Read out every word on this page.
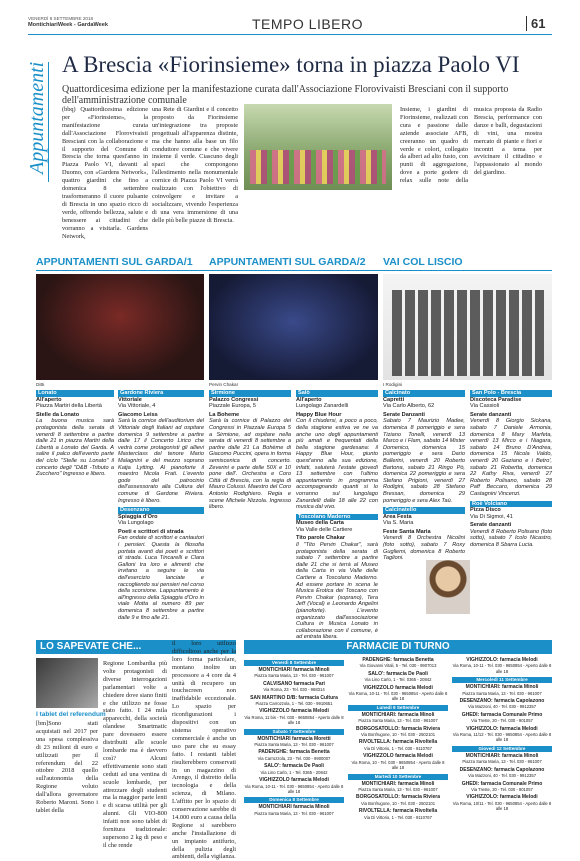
VENERDÌ 8 SETTEMBRE 2018
MontichiariWeek - GardaWeek	TEMPO LIBERO	61
Appuntamenti A Brescia «Fiorinsieme» torna in piazza Paolo VI
Quattordicesima edizione per la manifestazione curata dall'Associazione Florovivaisti Bresciani con il supporto dell'amministrazione comunale
(bbq) Quattordicesima edizione per «Fiorinsieme», la manifestazione curata dall'Associazione Florovivaisti Bresciani con la collaborazione e il supporto del Comune di Brescia che torna quest'anno in Piazza Paolo VI, davanti al Duomo, con «Gardens Network», quattro giardini che fino a domenica 8 settembre trasformeranno il cuore pulsante di Brescia in uno spazio ricco di verde, offrendo bellezza, salute e benessere ai cittadini che vorranno a visitarla. Gardens Network,
una Rete di Giardini e il concetto proposto da Fiorinsieme un'integrazione tra proposte progettuali all'apparenza distinte, ma che hanno alla base un filo conduttore comune e che vivere insieme il verde. Ciascuno degli spazi che compongono l'allestimento nella monumentale cornice di Piazza Paolo VI verrà realizzato con l'obiettivo di coinvolgere e invitare a socializzare, vivendo l'esperienza di una vera immersione di una delle più belle piazze di Brescia.
Insieme, i giardini di Fiorinsieme, realizzati con cura e passione dalle aziende associate AFB, creeranno un quadro di verde e colori, collegato da alberi ad alto fusto, con punti di aggregazione, dove a porte godere di relax sulle note della musica proposta da Radio Brescia, performance con danze e balli, degustazioni di vini, una mostra mercato di piante e fiori e incontri a tema per avvicinare il cittadino e l'appassionato al mondo del giardino.
APPUNTAMENTI SUL GARDA/1 APPUNTAMENTI SUL GARDA/2 VAI COL LISCIO
DiBi	Pervin Chakar	I Rodigini
Lonato
All'aperto
Piazza Martiri della Libertà
Stelle da Lonato
La buona musica sarà protagonista della serata di venerdì 8 settembre a partire dalle 21 in piazza Martiri della Libertà a Lonato del Garda. A salire il palco dell'evento parte del ciclo "Stelle su Lonato" il concerto degli "D&B -Tributo a Zucchero" Ingresso e libero.
Gardone Riviera
Vittoriale
Via Vittoriale, 4
Giacomo Leiss
Sarà la cornice dell'auditorium del Vittoriale degli Italiani ad ospitare domenica 9 settembre a partire dalle 17 il Concerto Lirico che vedrà come protagonisti gli allievi Masterclass del tenore Mario Malagnini e del mezzo soprano Katja Lytting. Al pianoforte il maestro Nicola Frati. L'evento gode del patrocinio dell'assessorato alla Cultura del comune di Gardone Riviera. Ingresso è libero.
Desenzano
Spiaggia d'Oro
Via Lungolago
Poeti e scrittori di strada
Fan ondate di scrittori e cantautori i pensieri. Questa la filosofia portata avanti dai poeti e scrittori di strada. Luca Tincarelli e Clara Galloni tra loro e alimenti che invitano a seguire le via dell'esercizio lanciate e raccogliendo sui pensieri nel corso della scorsione. Lappuntamento è all'ingresso della Spiaggia d'Oro in viale Motta al numero 89 per domenica 8 settembre a partire dalle 9 e fino alle 21.
Sirmione
Palazzo Congressi
Piazzale Europa, 5
La Boheme
Sarà la cornice di Palazzo dei Congressi in Piazzale Europa 5 a Sirmione, ad ospitare nella serata di venerdì 8 settembre a partire dalle 21 La Bohème di Giacomo Puccini, opera in forma semiscenica di concerto. Zeverini e parte delle 50X e 10 pone dell'. Orchestra e Coro Città di Brescia, con la regia di Mauro Colussi. Maestro del Coro Antonio Rodighiero. Regia e scene Michele Nizzola. Ingresso libero.
Salò
All'aperto
Lungolago Zanardelli
Happy Blue Hour
Con il chiudersi, a poco a poco, della stagione estiva ve ne va anche uno degli appuntamenti più amati e frequentati della bella stagione gardesana: il Happy Blue Hour, giunto quest'anno alla sua edizione, infatti, saluterà l'estate giovedì 13 settembre con l'ultimo appuntamento in programma accompagnando quanti si lo vorranno sul lungolago Zanardelli dalle 18 alle 22 con musica dal vivo.
Toscolano Maderno
Museo della Carta
Via Valle delle Cartiere
Tito parole Chakar
Il "Tito Pervin Chakar", sarà protagonista della serata di sabato 7 settembre a partire dalle 21 che si terrà al Museo della Carta in via Valle delle Cartiere a Toscolano Maderno. Ad essere portare in scena le Musica Erotica dei Toscano con Pervin Chakar (soprano), Tera Jeff (Vocal) e Leonardo Angelini (pianoforte). L'evento organizzato dall'associazione Cultura in Musica Lonato in collaborazione con il comune, è ad entrata libera.
Calcinato
Capretti
Via Carlo Alberto, 62
Serate Danzanti
Sabato 7 Maurizio Madee, domenica 8 pomeriggio e sera Tiziano Tonelli, venerdì 13 Marco e i Flam, sabato 14 Mister Domenico, domenica 15 pomeriggio e sera Dario Ballerini, venerdì 20 Roberto Bartona, sabato 21 Ringo Pò, domenica 22 pomeriggio e sera Stefano Prigioni, venerdì 27 Rodigini, sabato 28 Stefano Bressan, domenica 29 pomeriggio e sera Alex Taù.
Calcinatello
Area Festa
Via S. Maria
Feste Santa Maria
Venerdì 8 Orchestra Nicolini (foto sotto), sabato 7 Roxy Gugliemi, domenica 8 Roberto Taglioni.
San Polo - Brescia
Discoteca Paradise
Via Cassioli
Serate danzanti
Venerdì 8 Giorgio Sickana, sabato 7 Daniele Armonia, domenica 8 Mary Marfeta, venerdì 13 Mirco e i Niagara, sabato 14 Bruno D'Andrea, domenica 15 Nicola Valdo, venerdì 20 Gaziano e i Betro', sabato 21 Robertta, domenica 22 Kathy Riva, venerdì 27 Roberto Polisano, sabato 28 Paff Beccaro, domenica 29 Castagnini Vincenzi.
Roè Volciano
Pizza Disco
Via Di Sigmoi, 41
Serate danzanti
Venerdì 8 Roberto Polisano (foto sotto), sabato 7 Icolo Nicastro, domenica 8 Sbarra Lucia.
LO SAPEVATE CHE...
I tablet del referendum
[bm]Sono stati acquistati nel 2017 per una spesa complessiva di 23 milioni di euro e utilizzati per il referendum del 22 ottobre 2018 quello sull'autonomia della Regione voluto dall'allora governatore Roberto Maroni. Sono i tablet della
Regione Lombardia più volte protagonisti di diverse interrogazioni parlamentari volte a chiedere dove siano finiti e che utilizzo ne fosse stato fatto. I 24 mila apparecchi, della società olandese Smartmatic pare dovessero essere distribuiti alle scuole lombarde ma è davvero così? Alcuni effettivamente sono stati ceduti ad una ventina di scuole lombarde, per attrezzare degli studenti ma la maggior parte lenti e di scarsa utilità per gli alunni. Gli VIO-800 infatti non sono tablet di fornitura tradizionale: supersono 2 kg di peso e il che rende
il loro utilizzo difficoltoso anche per la loro forma particolare, montano inoltre un processore a 4 core da 4 unità di recupero un touchscreen non inaffidabile eccezionale. Lo spazio per riconfigurazioni i dispositivi con un sistema operativo commerciale è anche un uso pare che su essay fatto. I restanti tablet risulterebbero conservati in un magazzino di Arengo, il distretto della tecnologia e della scienza, di Milano. L'affitto per lo spazio di conservazione sarebbe di 14.000 euro a causa della Regione si sarebbero anche l'installazione di un impianto antifurto, della pulizia degli ambienti, della vigilanza.
FARMACIE DI TURNO
Venerdì 8 Settembre
MONTICHIARI farmacia Minoli
Piazza Santa Maria, 13 - Tel. 030 - 961007
CALVISANO farmacia Pari
Via Roma, 23 - Tel. 030 - 968314
SAN MARTINO D/B: farmacia Cultura
Piazza Carrozzola, 1 - Tel. 030 - 9910651
VIGHIZZOLO farmacia Melodi
Via Roma, 11 bis - Tel. 030 - 9650854 - Aperto dalle 8 alle 18
Sabato 7 Settembre
MONTICHIARI farmacia Moretti
Piazza Santa Maria, 13 - Tel. 030 - 961007
PADENGHE: farmacia Benetta
Via Carrozzola, 23 - Tel. 030 - 9900007
SALO': farmacia De Paoli
Via Lino Carlo, 1 - Tel. 0365 - 20842
VIGHIZZOLO farmacia Melodi
Via Roma, 10-11 - Tel. 030 - 9650854 - Aperto dalle 8 alle 18
Domenica 8 Settembre
MONTICHIARI farmacia Minoli
Piazza Santa Maria, 13 - Tel. 030 - 961007
PADENGHE: farmacia Benetta
Via Giovanni Vitali, 5 - Tel. 030 - 9907013
SALO': farmacia De Paoli
Via Lino Carlo, 1 - Tel. 0365 - 20842
VIGHIZZOLO farmacia Melodi
Via Roma, 10-11 - Tel. 030 - 9650854 - Aperto dalle 8 alle 18
Lunedì 9 Settembre
MONTICHIARI: farmacia Minoli
Piazza Santa Maria, 13 - Tel. 030 - 961007
BORGOSATOLLO: farmacia Riviera
Via Bonfrugone, 10 - Tel. 030 - 2502101
RIVOLTELLA: farmacia Rivoltella
Via Di Vittorio, 1 - Tel. 030 - 9110767
VIGHIZZOLO farmacia Melodi
Via Roma, 10 - Tel. 030 - 9650854 - Aperto dalle 8 alle 18
Martedì 10 Settembre
MONTICHIARI: farmacia Minoli
Piazza Santa Maria, 13 - Tel. 030 - 961007
BORGOSATOLLO: farmacia Riviera
Via Bonfrugone, 10 - Tel. 030 - 2502101
RIVOLTELLA: farmacia Rivoltella
Via Di Vittorio, 1 - Tel. 030 - 9110767
VIGHIZZOLO: farmacia Melodi
Via Roma, 10-11 - Tel. 030 - 9650854 - Aperto dalle 8 alle 18
Mercoledì 11 Settembre
MONTICHIARI: farmacia Minoli
Piazza Santa Maria, 13 - Tel. 030 - 961007
DESENZANO: farmacia Capolazono
Via Mazzoni, 40 - Tel. 030 - 9912357
GHEDI: farmacia Comunale Primo
Via Treste, 20 - Tel. 030 - 901057
VIGHIZZOLO: farmacia Melodi
Via Roma, 11/12 - Tel. 030 - 9650854 - Aperto dalle 8 alle 18
Giovedì 12 Settembre
MONTICHIARI: farmacia Minoli
Piazza Santa Maria, 13 - Tel. 030 - 961007
DESENZANO: farmacia Capolazono
Via Mazzoni, 40 - Tel. 030 - 9912357
GHEDI: farmacia Comunale Primo
Via Treste, 20 - Tel. 030 - 901057
VIGHIZZOLO: farmacia Melodi
Via Roma, 10/11 - Tel. 030 - 9650854 - Aperto dalle 8 alle 18
